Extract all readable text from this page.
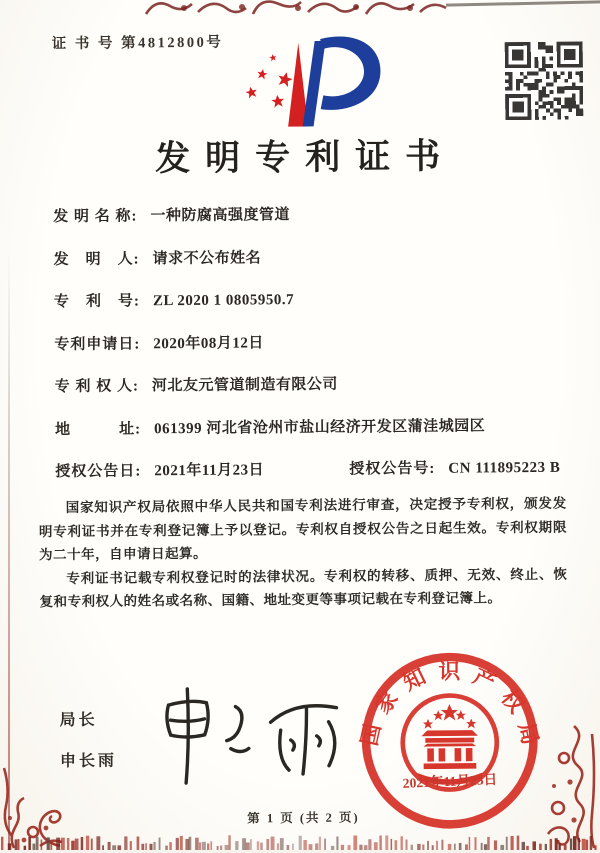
证 书 号 第4812800号
发明专利证书
发 明 名 称: 一种防腐高强度管道
发　明　人: 请求不公布姓名
专　利　号: ZL 2020 1 0805950.7
专利申请日: 2020年08月12日
专 利 权 人: 河北友元管道制造有限公司
地　　　址: 061399 河北省沧州市盐山经济开发区蒲洼城园区
授权公告日: 2021年11月23日	授权公告号: CN 111895223 B

国家知识产权局依照中华人民共和国专利法进行审查，决定授予专利权，颁发发明专利证书并在专利登记簿上予以登记。专利权自授权公告之日起生效。专利权期限为二十年，自申请日起算。

专利证书记载专利权登记时的法律状况。专利权的转移、质押、无效、终止、恢复和专利权人的姓名或名称、国籍、地址变更等事项记载在专利登记簿上。

局长
申长雨
国家知识产权局
2021年11月23日
第 1 页 (共 2 页)
